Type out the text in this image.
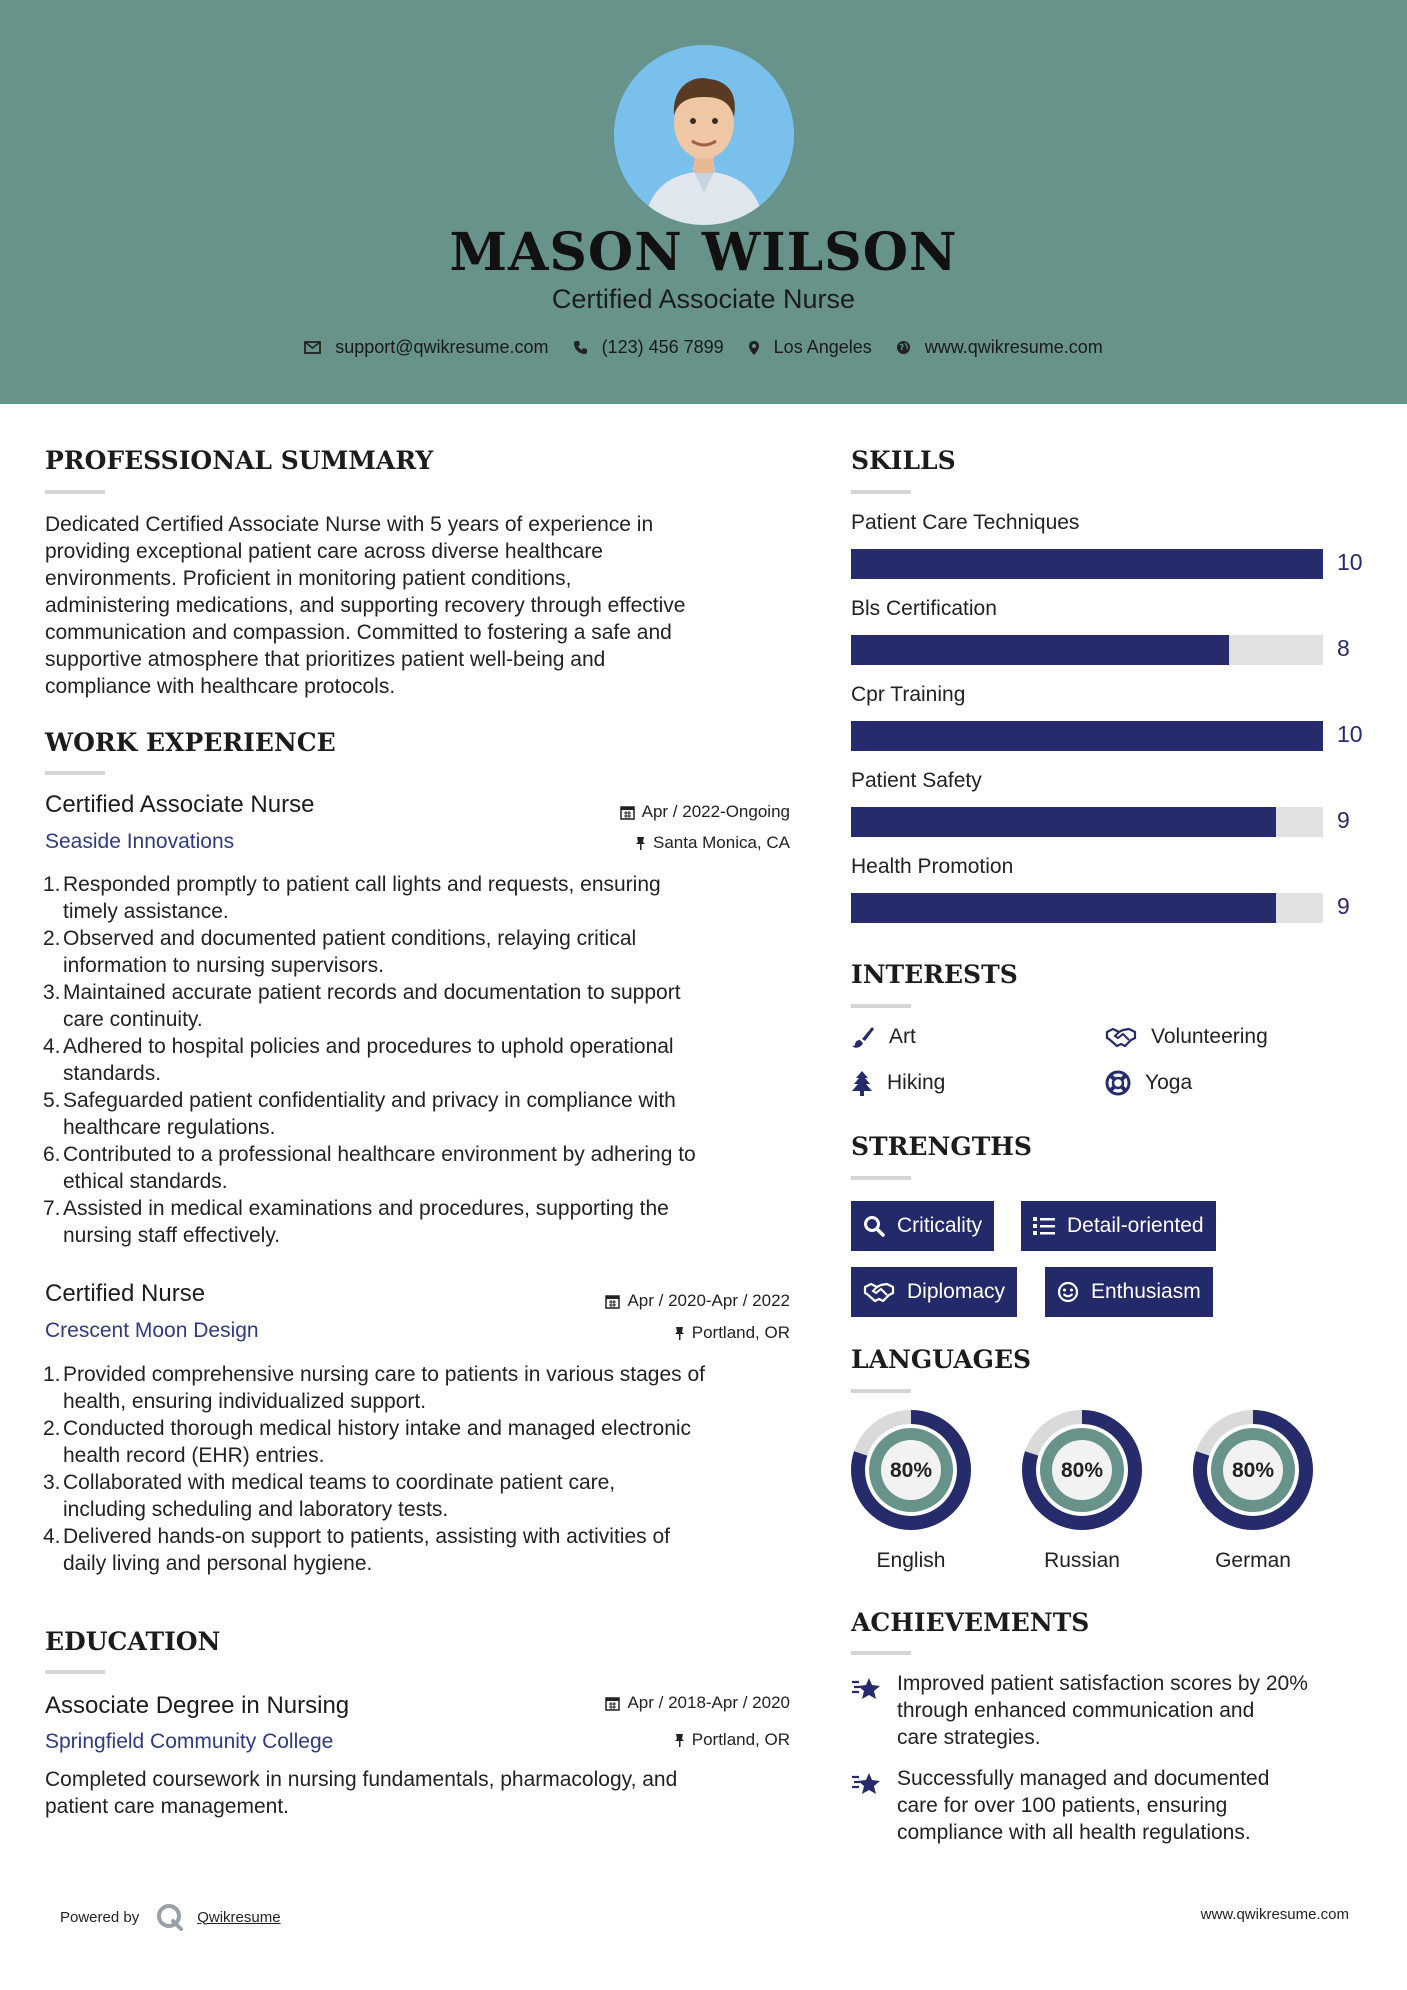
MASON WILSON
Certified Associate Nurse
support@qwikresume.com	(123) 456 7899	Los Angeles	www.qwikresume.com
PROFESSIONAL SUMMARY
Dedicated Certified Associate Nurse with 5 years of experience in
providing exceptional patient care across diverse healthcare
environments. Proficient in monitoring patient conditions,
administering medications, and supporting recovery through effective
communication and compassion. Committed to fostering a safe and
supportive atmosphere that prioritizes patient well-being and
compliance with healthcare protocols.
WORK EXPERIENCE
Certified Associate Nurse	Apr / 2022-Ongoing
Seaside Innovations	Santa Monica, CA
1. Responded promptly to patient call lights and requests, ensuring
timely assistance.
2. Observed and documented patient conditions, relaying critical
information to nursing supervisors.
3. Maintained accurate patient records and documentation to support
care continuity.
4. Adhered to hospital policies and procedures to uphold operational
standards.
5. Safeguarded patient confidentiality and privacy in compliance with
healthcare regulations.
6. Contributed to a professional healthcare environment by adhering to
ethical standards.
7. Assisted in medical examinations and procedures, supporting the
nursing staff effectively.
Certified Nurse	Apr / 2020-Apr / 2022
Crescent Moon Design	Portland, OR
1. Provided comprehensive nursing care to patients in various stages of
health, ensuring individualized support.
2. Conducted thorough medical history intake and managed electronic
health record (EHR) entries.
3. Collaborated with medical teams to coordinate patient care,
including scheduling and laboratory tests.
4. Delivered hands-on support to patients, assisting with activities of
daily living and personal hygiene.
EDUCATION
Associate Degree in Nursing	Apr / 2018-Apr / 2020
Springfield Community College	Portland, OR
Completed coursework in nursing fundamentals, pharmacology, and
patient care management.
SKILLS
Patient Care Techniques
10
Bls Certification
8
Cpr Training
10
Patient Safety
9
Health Promotion
9
INTERESTS
Art	Volunteering
Hiking	Yoga
STRENGTHS
Criticality	Detail-oriented
Diplomacy	Enthusiasm
LANGUAGES
80%
English
80%
Russian
80%
German
ACHIEVEMENTS
Improved patient satisfaction scores by 20%
through enhanced communication and
care strategies.
Successfully managed and documented
care for over 100 patients, ensuring
compliance with all health regulations.
Powered by	Qwikresume	www.qwikresume.com
